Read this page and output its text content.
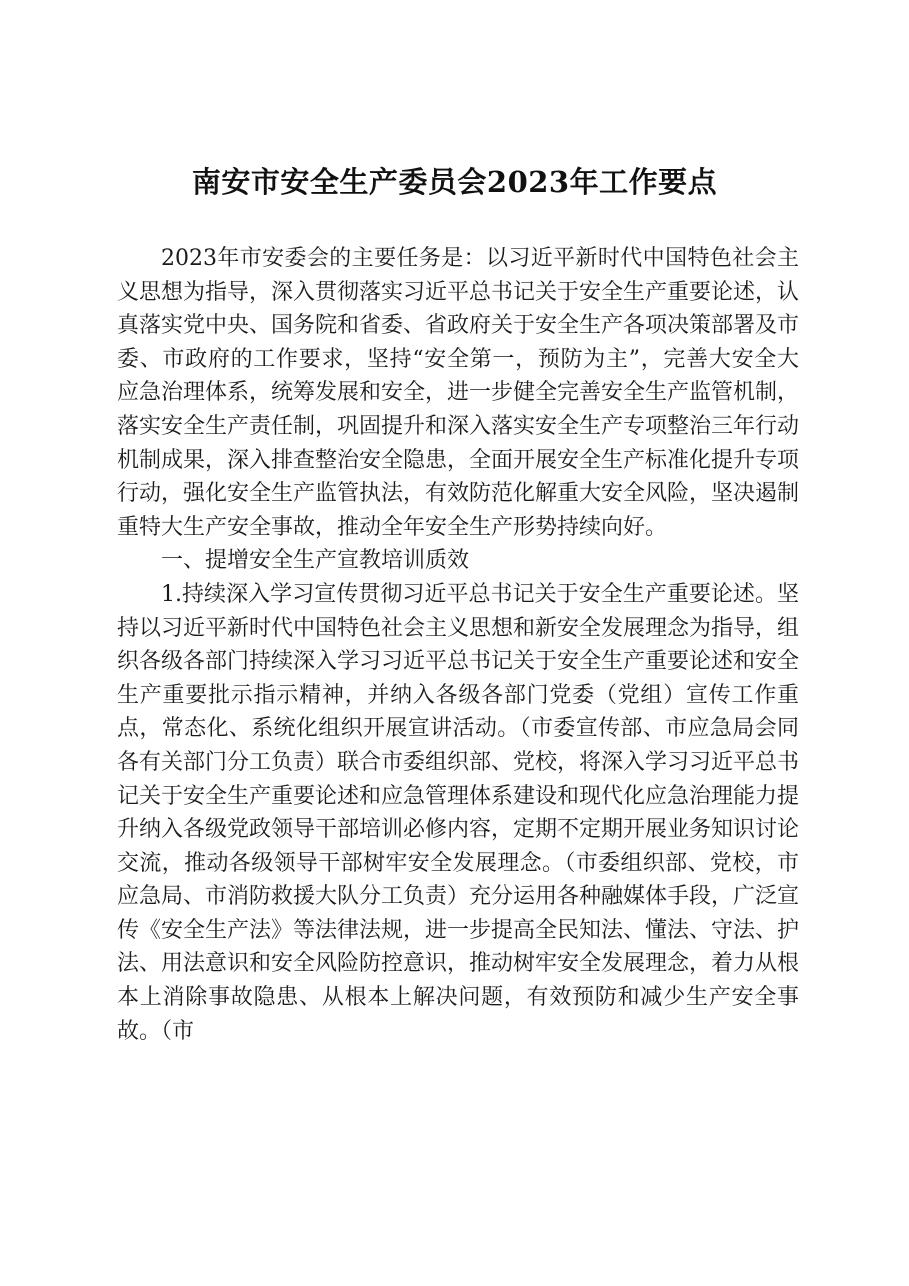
南安市安全生产委员会2023年工作要点

2023年市安委会的主要任务是：以习近平新时代中国特色社会主义思想为指导，深入贯彻落实习近平总书记关于安全生产重要论述，认真落实党中央、国务院和省委、省政府关于安全生产各项决策部署及市委、市政府的工作要求，坚持“安全第一，预防为主”，完善大安全大应急治理体系，统筹发展和安全，进一步健全完善安全生产监管机制，落实安全生产责任制，巩固提升和深入落实安全生产专项整治三年行动机制成果，深入排查整治安全隐患，全面开展安全生产标准化提升专项行动，强化安全生产监管执法，有效防范化解重大安全风险，坚决遏制重特大生产安全事故，推动全年安全生产形势持续向好。

一、提增安全生产宣教培训质效

1.持续深入学习宣传贯彻习近平总书记关于安全生产重要论述。坚持以习近平新时代中国特色社会主义思想和新安全发展理念为指导，组织各级各部门持续深入学习习近平总书记关于安全生产重要论述和安全生产重要批示指示精神，并纳入各级各部门党委（党组）宣传工作重点，常态化、系统化组织开展宣讲活动。（市委宣传部、市应急局会同各有关部门分工负责）联合市委组织部、党校，将深入学习习近平总书记关于安全生产重要论述和应急管理体系建设和现代化应急治理能力提升纳入各级党政领导干部培训必修内容，定期不定期开展业务知识讨论交流，推动各级领导干部树牢安全发展理念。（市委组织部、党校，市应急局、市消防救援大队分工负责）充分运用各种融媒体手段，广泛宣传《安全生产法》等法律法规，进一步提高全民知法、懂法、守法、护法、用法意识和安全风险防控意识，推动树牢安全发展理念，着力从根本上消除事故隐患、从根本上解决问题，有效预防和减少生产安全事故。（市
